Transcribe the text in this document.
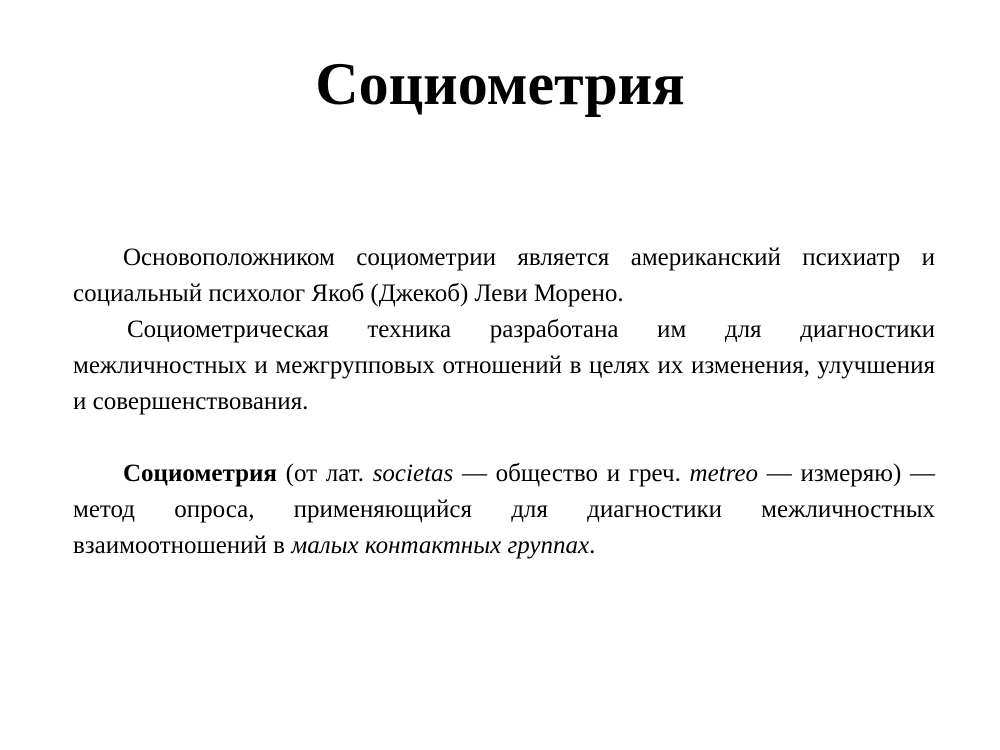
Социометрия

Основоположником социометрии является американский психиатр и социальный психолог Якоб (Джекоб) Леви Морено.

Социометрическая техника разработана им для диагностики межличностных и межгрупповых отношений в целях их изменения, улучшения и совершенствования.

Социометрия (от лат. societas — общество и греч. metreo — измеряю) — метод опроса, применяющийся для диагностики межличностных взаимоотношений в малых контактных группах.
